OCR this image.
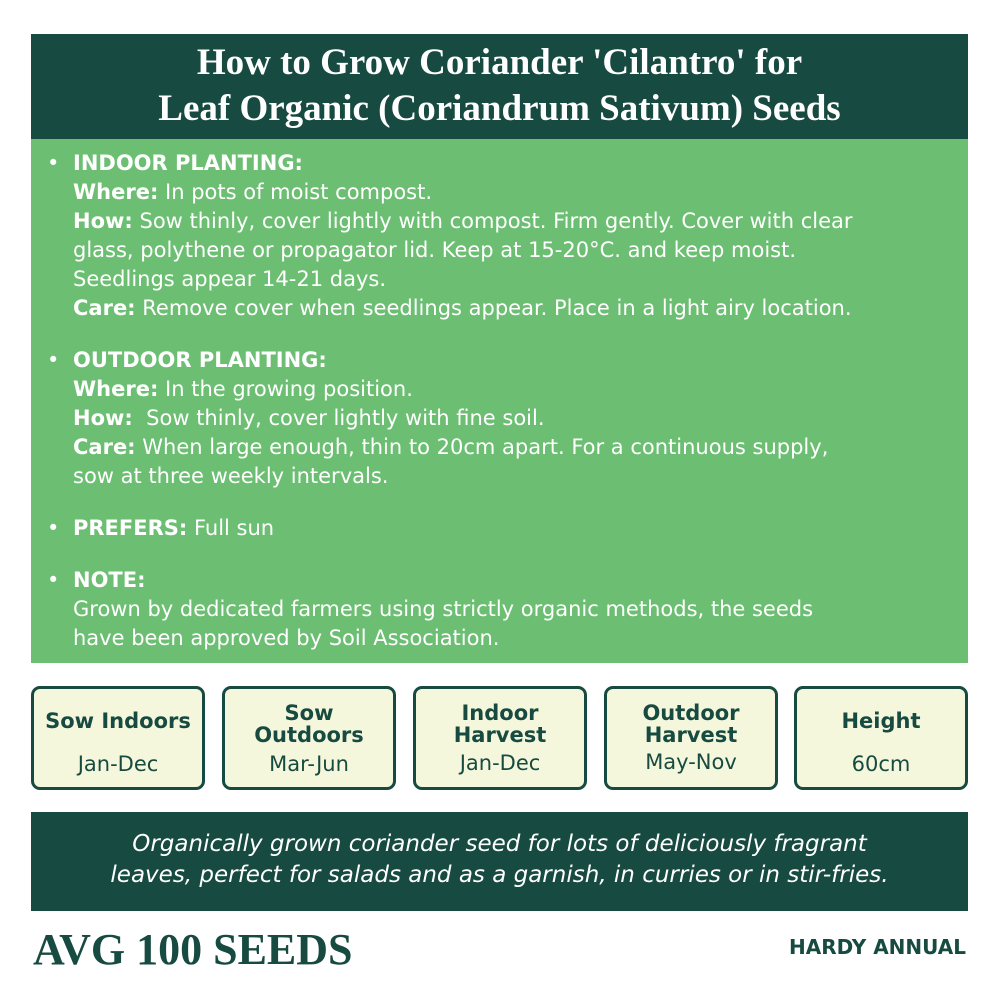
How to Grow Coriander 'Cilantro' for
Leaf Organic (Coriandrum Sativum) Seeds
• INDOOR PLANTING:
Where: In pots of moist compost.
How: Sow thinly, cover lightly with compost. Firm gently. Cover with clear
glass, polythene or propagator lid. Keep at 15-20°C. and keep moist.
Seedlings appear 14-21 days.
Care: Remove cover when seedlings appear. Place in a light airy location.
• OUTDOOR PLANTING:
Where: In the growing position.
How:  Sow thinly, cover lightly with fine soil.
Care: When large enough, thin to 20cm apart. For a continuous supply,
sow at three weekly intervals.
• PREFERS: Full sun
• NOTE:
Grown by dedicated farmers using strictly organic methods, the seeds
have been approved by Soil Association.
Sow Indoors
Jan-Dec
Sow
Outdoors
Mar-Jun
Indoor
Harvest
Jan-Dec
Outdoor
Harvest
May-Nov
Height
60cm
Organically grown coriander seed for lots of deliciously fragrant
leaves, perfect for salads and as a garnish, in curries or in stir-fries.
AVG 100 SEEDS	HARDY ANNUAL
